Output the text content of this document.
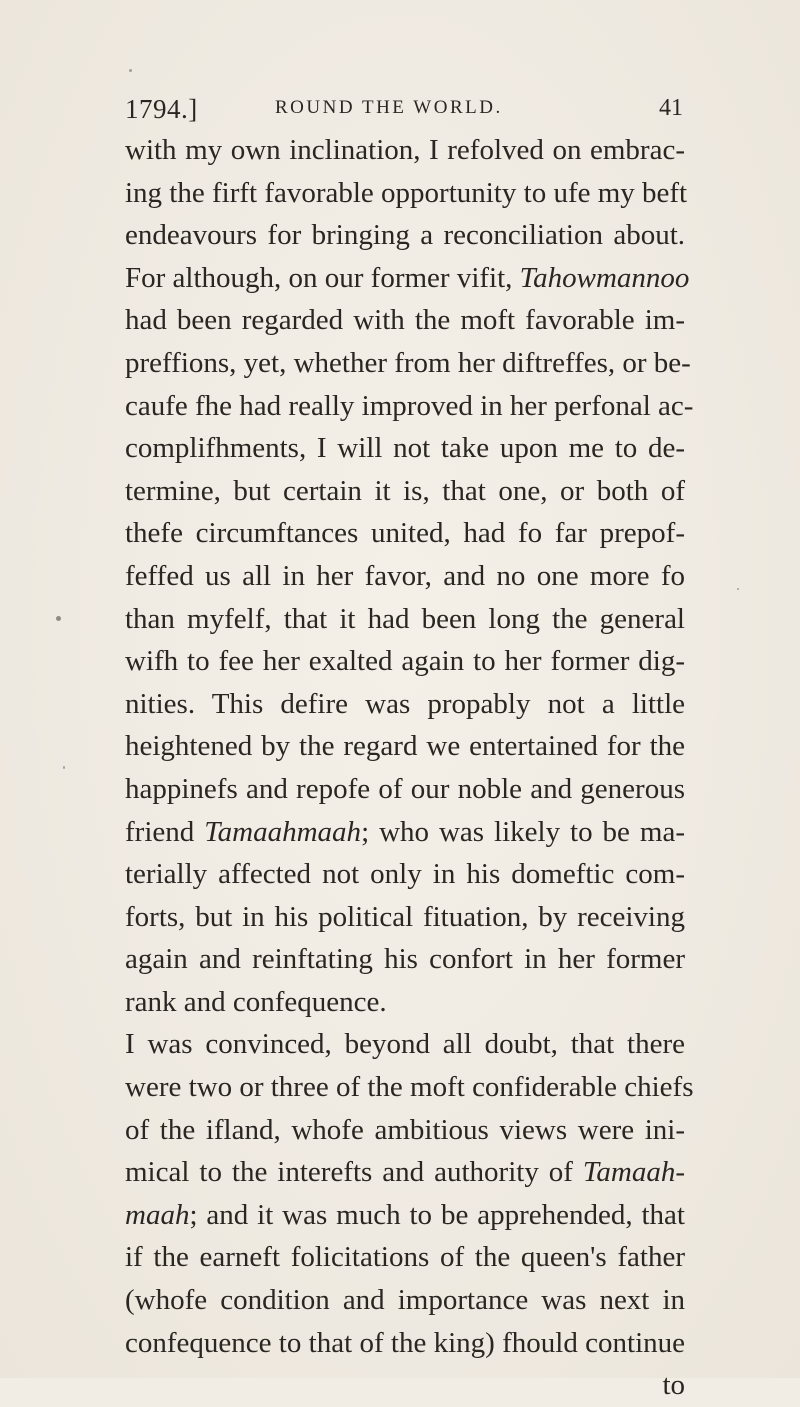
1794.]	ROUND THE WORLD.	41
with my own inclination, I refolved on embrac-
ing the firft favorable opportunity to ufe my beft
endeavours for bringing a reconciliation about.
For although, on our former vifit, Tahowmannoo
had been regarded with the moft favorable im-
preffions, yet, whether from her diftreffes, or be-
caufe fhe had really improved in her perfonal ac-
complifhments, I will not take upon me to de-
termine, but certain it is, that one, or both of
thefe circumftances united, had fo far prepof-
feffed us all in her favor, and no one more fo
than myfelf, that it had been long the general
wifh to fee her exalted again to her former dig-
nities. This defire was propably not a little
heightened by the regard we entertained for the
happinefs and repofe of our noble and generous
friend Tamaahmaah; who was likely to be ma-
terially affected not only in his domeftic com-
forts, but in his political fituation, by receiving
again and reinftating his confort in her former
rank and confequence.
I was convinced, beyond all doubt, that there
were two or three of the moft confiderable chiefs
of the ifland, whofe ambitious views were ini-
mical to the interefts and authority of Tamaah-
maah; and it was much to be apprehended, that
if the earneft folicitations of the queen's father
(whofe condition and importance was next in
confequence to that of the king) fhould continue
to
